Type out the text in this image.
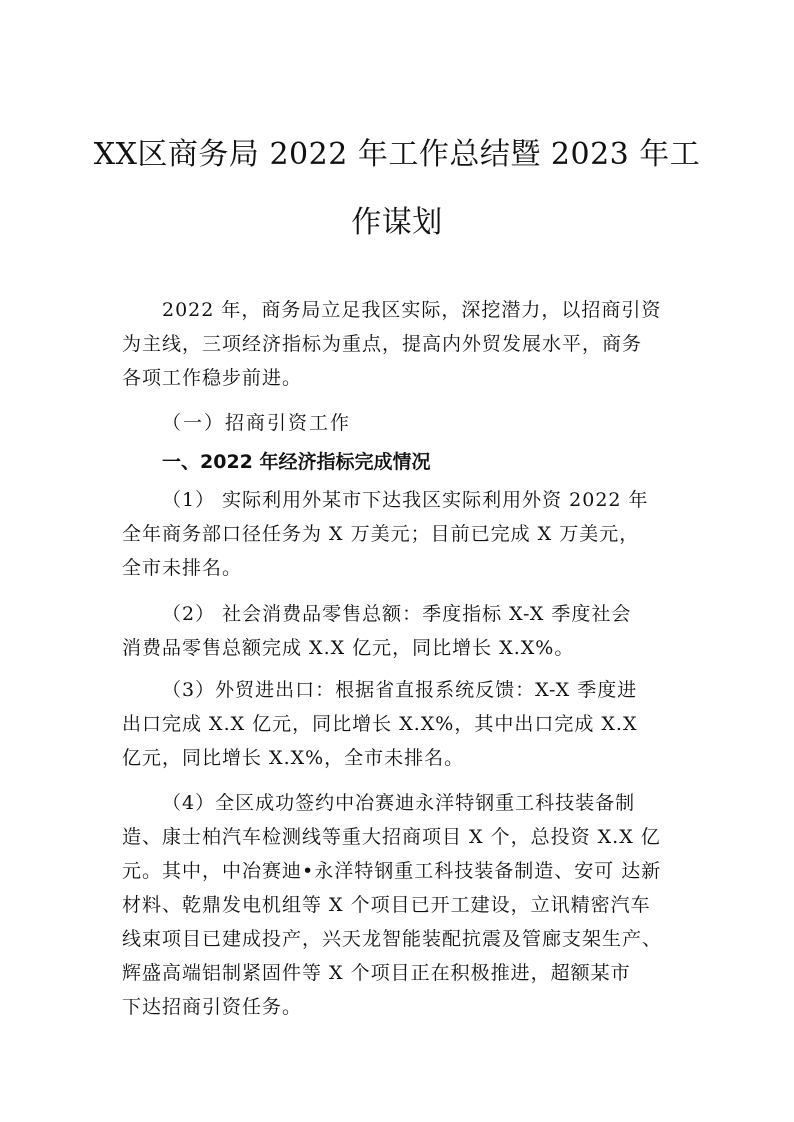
XX区商务局 2022 年工作总结暨 2023 年工
作谋划
2022 年，商务局立足我区实际，深挖潜力，以招商引资
为主线，三项经济指标为重点，提高内外贸发展水平，商务
各项工作稳步前进。
（一）招商引资工作
一、2022 年经济指标完成情况
（1） 实际利用外某市下达我区实际利用外资 2022 年
全年商务部口径任务为 X 万美元；目前已完成 X 万美元，
全市未排名。
（2） 社会消费品零售总额：季度指标 X-X 季度社会
消费品零售总额完成 X.X 亿元，同比增长 X.X%。
（3）外贸进出口：根据省直报系统反馈：X-X 季度进
出口完成 X.X 亿元，同比增长 X.X%，其中出口完成 X.X
亿元，同比增长 X.X%，全市未排名。
（4）全区成功签约中冶赛迪永洋特钢重工科技装备制
造、康士柏汽车检测线等重大招商项目 X 个，总投资 X.X 亿
元。其中，中冶赛迪•永洋特钢重工科技装备制造、安可 达新
材料、乾鼎发电机组等 X 个项目已开工建设，立讯精密汽车
线束项目已建成投产，兴天龙智能装配抗震及管廊支架生产、
辉盛高端铝制紧固件等 X 个项目正在积极推进，超额某市
下达招商引资任务。
